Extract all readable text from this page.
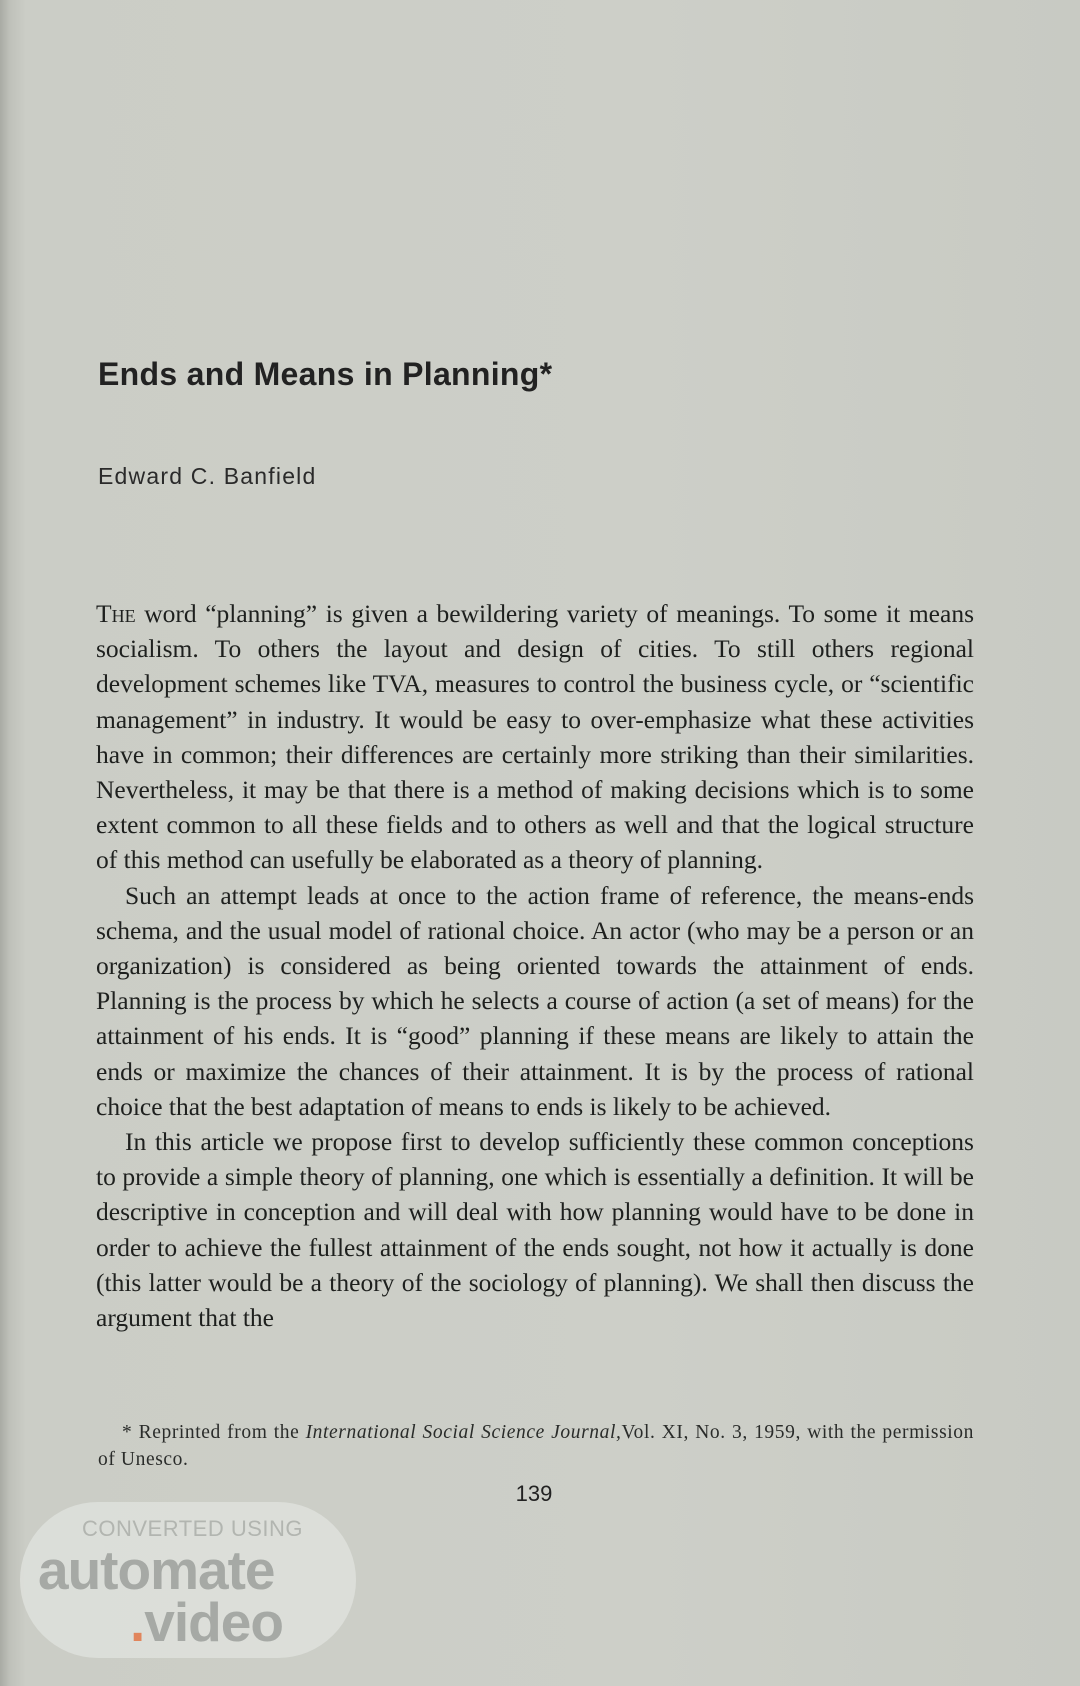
Ends and Means in Planning*
Edward C. Banfield

The word “planning” is given a bewildering variety of meanings. To some it means socialism. To others the layout and design of cities. To still others regional development schemes like TVA, measures to control the business cycle, or “scientific management” in industry. It would be easy to over-emphasize what these activities have in common; their differences are certainly more striking than their similarities. Nevertheless, it may be that there is a method of making decisions which is to some extent common to all these fields and to others as well and that the logical structure of this method can usefully be elaborated as a theory of planning.

Such an attempt leads at once to the action frame of reference, the means-ends schema, and the usual model of rational choice. An actor (who may be a person or an organization) is considered as being oriented towards the attainment of ends. Planning is the process by which he selects a course of action (a set of means) for the attainment of his ends. It is “good” planning if these means are likely to attain the ends or maximize the chances of their attainment. It is by the process of rational choice that the best adaptation of means to ends is likely to be achieved.

In this article we propose first to develop sufficiently these common conceptions to provide a simple theory of planning, one which is essentially a definition. It will be descriptive in conception and will deal with how planning would have to be done in order to achieve the fullest attainment of the ends sought, not how it actually is done (this latter would be a theory of the sociology of planning). We shall then discuss the argument that the

* Reprinted from the International Social Science Journal,Vol. XI, No. 3, 1959, with the permission of Unesco.
139
CONVERTED USING
automate
.video
